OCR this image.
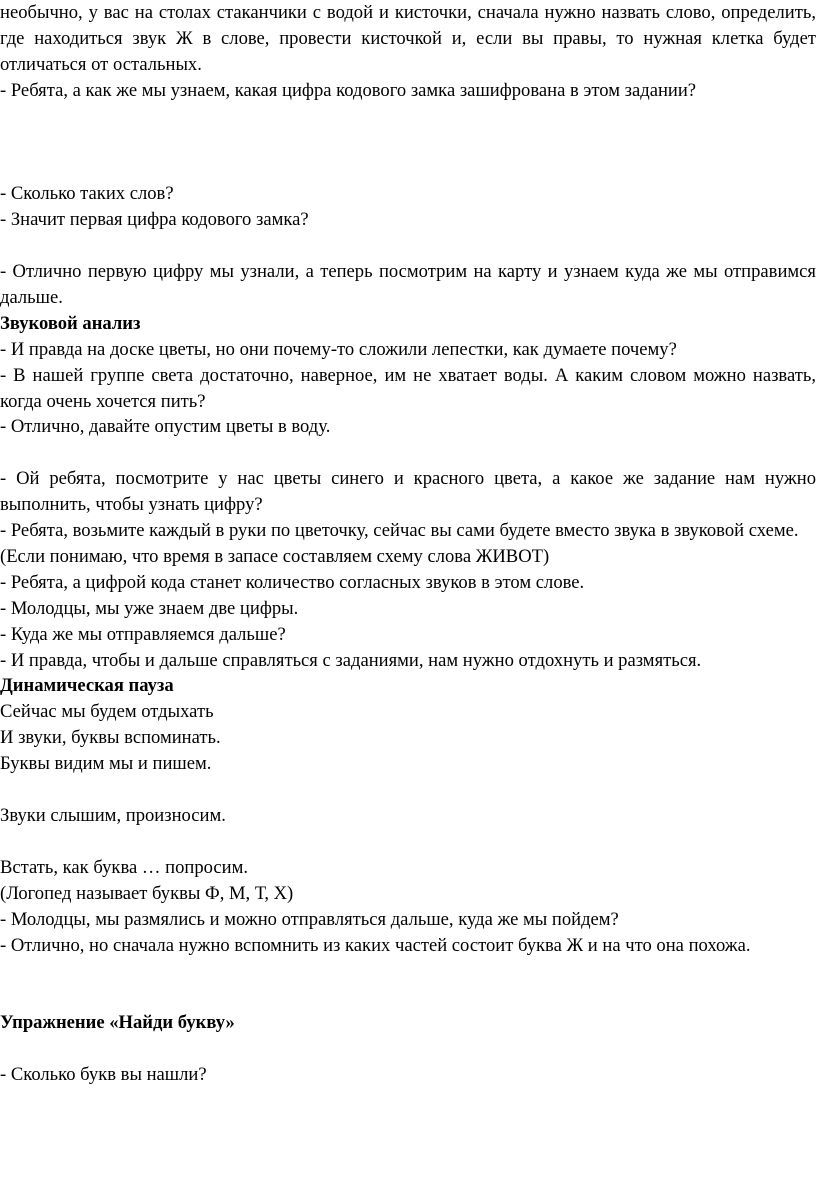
необычно, у вас на столах стаканчики с водой и кисточки, сначала нужно назвать слово, определить, где находиться звук Ж в слове, провести кисточкой и, если вы правы, то нужная клетка будет отличаться от остальных.

- Ребята, а как же мы узнаем, какая цифра кодового замка зашифрована в этом задании?

- Сколько таких слов?

- Значит первая цифра кодового замка?

- Отлично первую цифру мы узнали, а теперь посмотрим на карту и узнаем куда же мы отправимся дальше.

Звуковой анализ

- И правда на доске цветы, но они почему-то сложили лепестки, как думаете почему?

- В нашей группе света достаточно, наверное, им не хватает воды. А каким словом можно назвать, когда очень хочется пить?

- Отлично, давайте опустим цветы в воду.

- Ой ребята, посмотрите у нас цветы синего и красного цвета, а какое же задание нам нужно выполнить, чтобы узнать цифру?

- Ребята, возьмите каждый в руки по цветочку, сейчас вы сами будете вместо звука в звуковой схеме.

(Если понимаю, что время в запасе составляем схему слова ЖИВОТ)

- Ребята, а цифрой кода станет количество согласных звуков в этом слове.

- Молодцы, мы уже знаем две цифры.

- Куда же мы отправляемся дальше?

- И правда, чтобы и дальше справляться с заданиями, нам нужно отдохнуть и размяться.

Динамическая пауза

Сейчас мы будем отдыхать

И звуки, буквы вспоминать.

Буквы видим мы и пишем.

Звуки слышим, произносим.

Встать, как буква … попросим.

(Логопед называет буквы Ф, М, Т, Х)

- Молодцы, мы размялись и можно отправляться дальше, куда же мы пойдем?

- Отлично, но сначала нужно вспомнить из каких частей состоит буква Ж и на что она похожа.

Упражнение «Найди букву»

- Сколько букв вы нашли?
